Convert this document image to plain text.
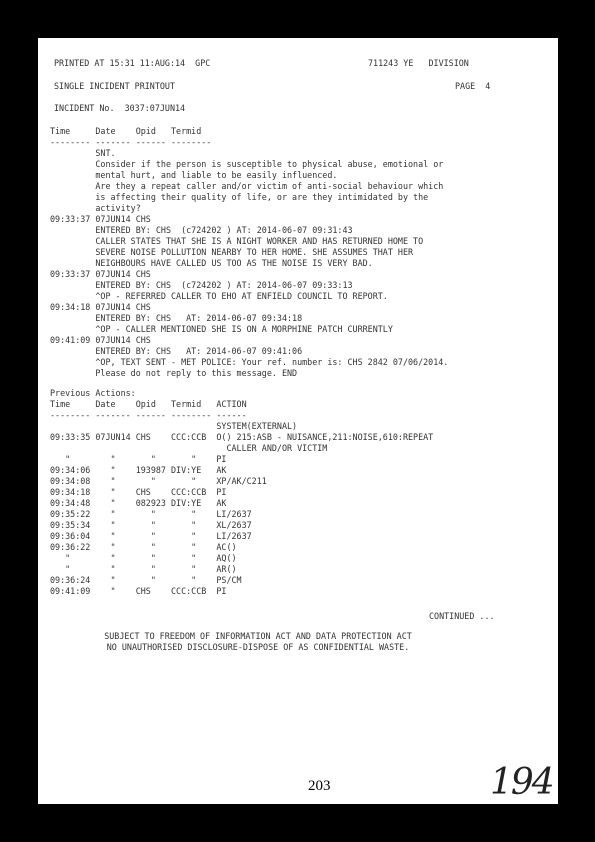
PRINTED AT 15:31 11:AUG:14  GPC	711243 YE   DIVISION
SINGLE INCIDENT PRINTOUT	PAGE  4
INCIDENT No.  3037:07JUN14
Time     Date    Opid   Termid
-------- ------- ------ --------
SNT.
Consider if the person is susceptible to physical abuse, emotional or
mental hurt, and liable to be easily influenced.
Are they a repeat caller and/or victim of anti-social behaviour which
is affecting their quality of life, or are they intimidated by the
activity?
09:33:37 07JUN14 CHS
ENTERED BY: CHS  (c724202 ) AT: 2014-06-07 09:31:43
CALLER STATES THAT SHE IS A NIGHT WORKER AND HAS RETURNED HOME TO
SEVERE NOISE POLLUTION NEARBY TO HER HOME. SHE ASSUMES THAT HER
NEIGHBOURS HAVE CALLED US TOO AS THE NOISE IS VERY BAD.
09:33:37 07JUN14 CHS
ENTERED BY: CHS  (c724202 ) AT: 2014-06-07 09:33:13
^OP - REFERRED CALLER TO EHO AT ENFIELD COUNCIL TO REPORT.
09:34:18 07JUN14 CHS
ENTERED BY: CHS   AT: 2014-06-07 09:34:18
^OP - CALLER MENTIONED SHE IS ON A MORPHINE PATCH CURRENTLY
09:41:09 07JUN14 CHS
ENTERED BY: CHS   AT: 2014-06-07 09:41:06
^OP, TEXT SENT - MET POLICE: Your ref. number is: CHS 2842 07/06/2014.
Please do not reply to this message. END
Previous Actions:
Time     Date    Opid   Termid   ACTION
-------- ------- ------ -------- ------
SYSTEM(EXTERNAL)
09:33:35 07JUN14 CHS    CCC:CCB  O() 215:ASB - NUISANCE,211:NOISE,610:REPEAT
CALLER AND/OR VICTIM
"        "       "       "    PI
09:34:06    "    193987 DIV:YE   AK
09:34:08    "       "       "    XP/AK/C211
09:34:18    "    CHS    CCC:CCB  PI
09:34:48    "    082923 DIV:YE   AK
09:35:22    "       "       "    LI/2637
09:35:34    "       "       "    XL/2637
09:36:04    "       "       "    LI/2637
09:36:22    "       "       "    AC()
"        "       "       "    AQ()
"        "       "       "    AR()
09:36:24    "       "       "    PS/CM
09:41:09    "    CHS    CCC:CCB  PI
CONTINUED ...
SUBJECT TO FREEDOM OF INFORMATION ACT AND DATA PROTECTION ACT
NO UNAUTHORISED DISCLOSURE-DISPOSE OF AS CONFIDENTIAL WASTE.
203	194
